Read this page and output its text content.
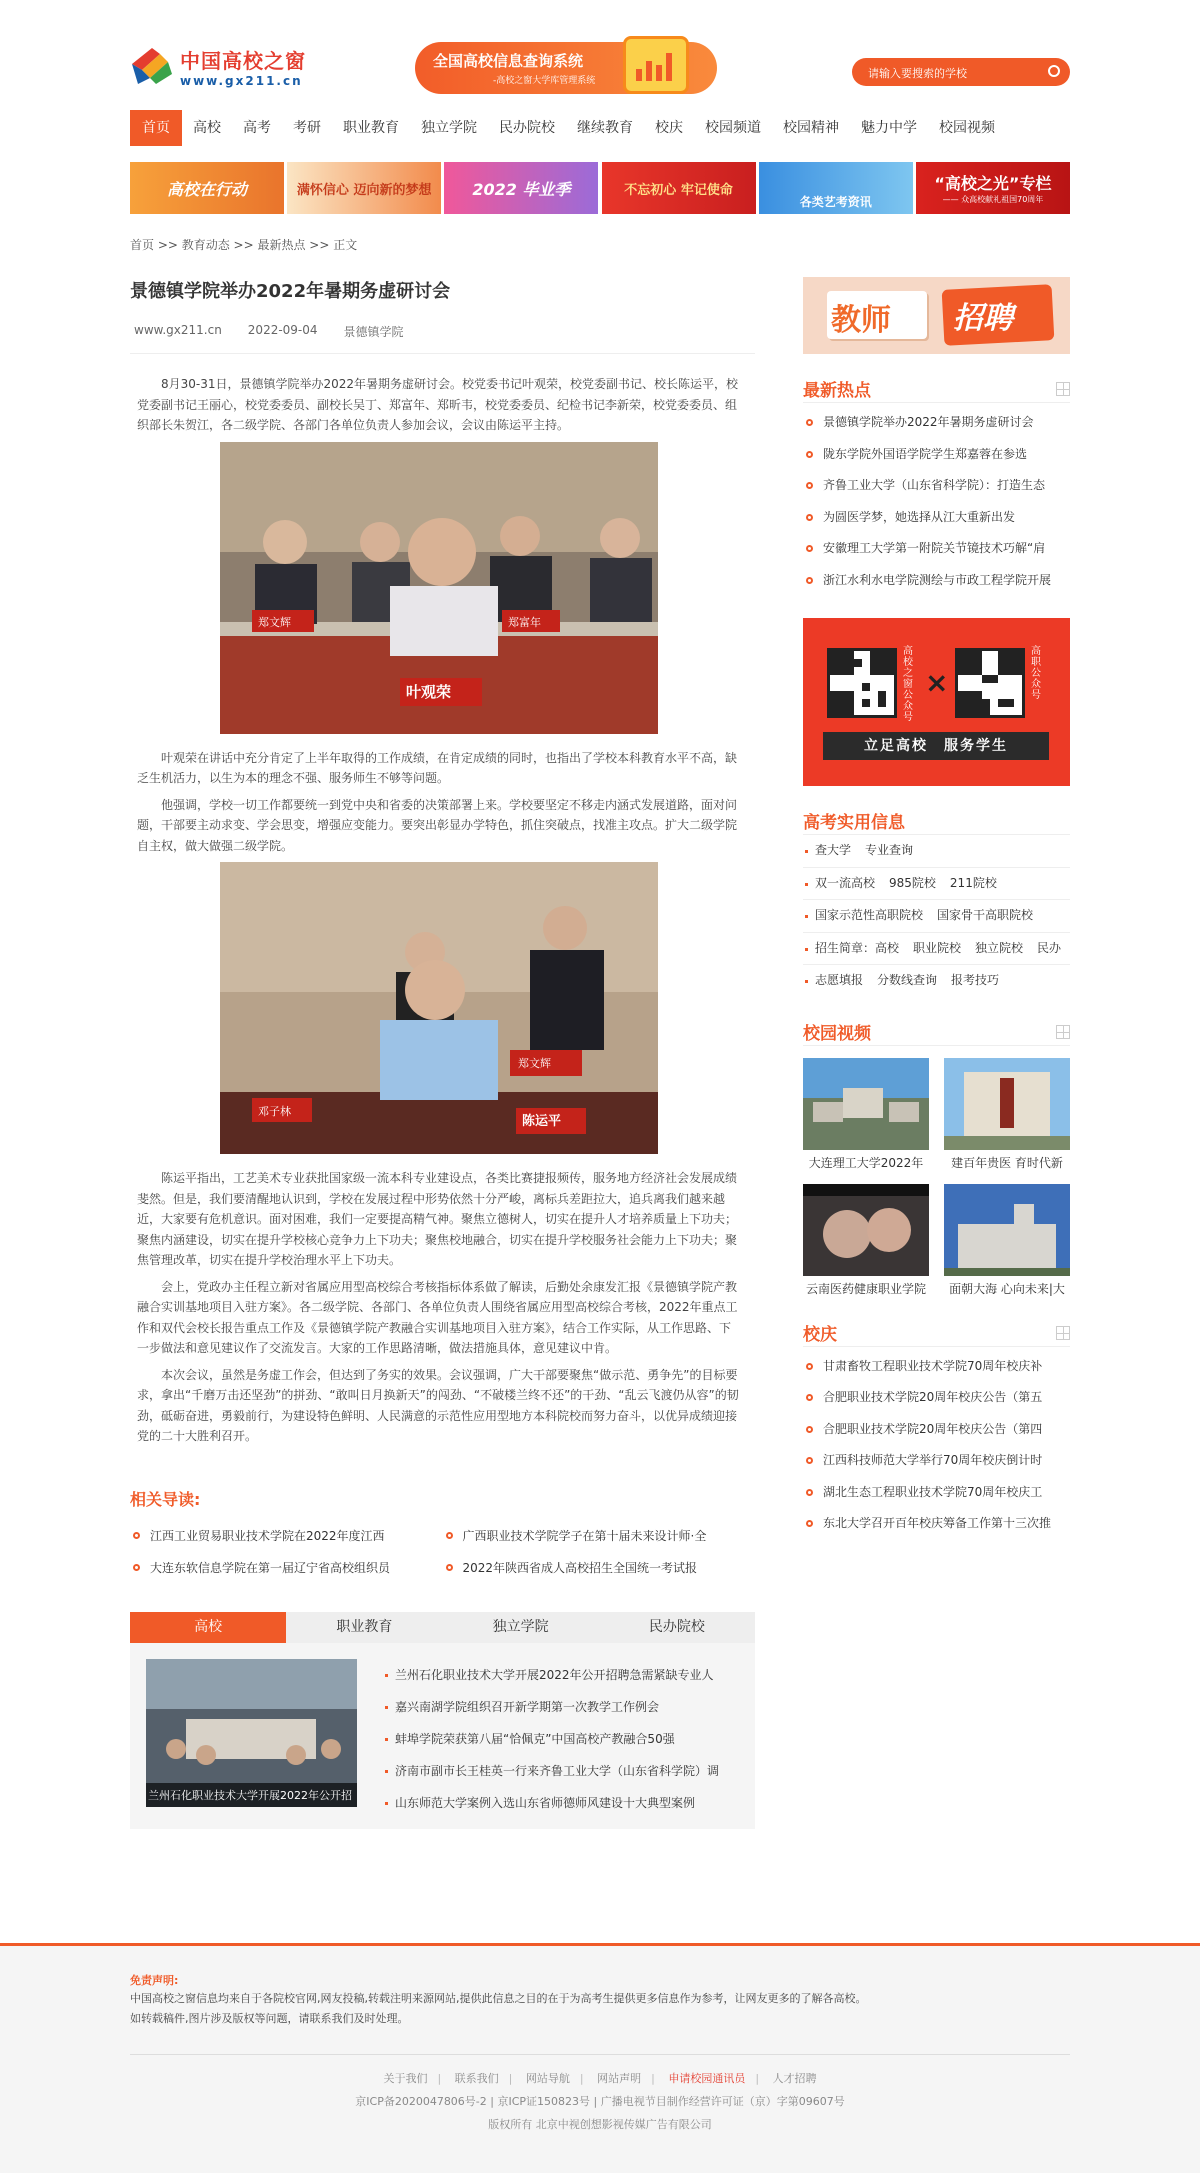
中国高校之窗
www.gx211.cn
全国高校信息查询系统
-高校之窗大学库管理系统
专业 · 高效
请输入要搜索的学校
首页	高校	高考	考研	职业教育	独立学院	民办院校	继续教育	校庆	校园频道	校园精神	魅力中学	校园视频
高校在行动	满怀信心 迈向新的梦想	2022 毕业季	不忘初心 牢记使命
各类艺考资讯
“高校之光”专栏
—— 众高校献礼祖国70周年
首页 >> 教育动态 >> 最新热点 >> 正文
景德镇学院举办2022年暑期务虚研讨会
www.gx211.cn 2022-09-04 景德镇学院

8月30-31日，景德镇学院举办2022年暑期务虚研讨会。校党委书记叶观荣，校党委副书记、校长陈运平，校党委副书记王丽心，校党委委员、副校长吴丁、郑富年、郑昕韦，校党委委员、纪检书记李新荣，校党委委员、组织部长朱贺江，各二级学院、各部门各单位负责人参加会议，会议由陈运平主持。

叶观荣
郑文辉	郑富年

叶观荣在讲话中充分肯定了上半年取得的工作成绩，在肯定成绩的同时，也指出了学校本科教育水平不高，缺乏生机活力，以生为本的理念不强、服务师生不够等问题。

他强调，学校一切工作都要统一到党中央和省委的决策部署上来。学校要坚定不移走内涵式发展道路，面对问题，干部要主动求变、学会思变，增强应变能力。要突出彰显办学特色，抓住突破点，找准主攻点。扩大二级学院自主权，做大做强二级学院。

陈运平
郑文辉
邓子林

陈运平指出，工艺美术专业获批国家级一流本科专业建设点，各类比赛捷报频传，服务地方经济社会发展成绩斐然。但是，我们要清醒地认识到，学校在发展过程中形势依然十分严峻，离标兵差距拉大，追兵离我们越来越近，大家要有危机意识。面对困难，我们一定要提高精气神。聚焦立德树人，切实在提升人才培养质量上下功夫；聚焦内涵建设，切实在提升学校核心竞争力上下功夫；聚焦校地融合，切实在提升学校服务社会能力上下功夫；聚焦管理改革，切实在提升学校治理水平上下功夫。

会上，党政办主任程立新对省属应用型高校综合考核指标体系做了解读，后勤处余康发汇报《景德镇学院产教融合实训基地项目入驻方案》。各二级学院、各部门、各单位负责人围绕省属应用型高校综合考核，2022年重点工作和双代会校长报告重点工作及《景德镇学院产教融合实训基地项目入驻方案》，结合工作实际，从工作思路、下一步做法和意见建议作了交流发言。大家的工作思路清晰，做法措施具体，意见建议中肯。

本次会议，虽然是务虚工作会，但达到了务实的效果。会议强调，广大干部要聚焦“做示范、勇争先”的目标要求，拿出“千磨万击还坚劲”的拼劲、“敢叫日月换新天”的闯劲、“不破楼兰终不还”的干劲、“乱云飞渡仍从容”的韧劲，砥砺奋进，勇毅前行，为建设特色鲜明、人民满意的示范性应用型地方本科院校而努力奋斗，以优异成绩迎接党的二十大胜利召开。

相关导读:
江西工业贸易职业技术学院在2022年度江西	广西职业技术学院学子在第十届未来设计师·全
大连东软信息学院在第一届辽宁省高校组织员	2022年陕西省成人高校招生全国统一考试报
高校	职业教育	独立学院	民办院校
兰州石化职业技术大学开展2022年公开招
兰州石化职业技术大学开展2022年公开招聘急需紧缺专业人
嘉兴南湖学院组织召开新学期第一次教学工作例会
蚌埠学院荣获第八届“恰佩克”中国高校产教融合50强
济南市副市长王桂英一行来齐鲁工业大学（山东省科学院）调
山东师范大学案例入选山东省师德师风建设十大典型案例
教师 招聘
最新热点
景德镇学院举办2022年暑期务虚研讨会
陇东学院外国语学院学生郑嘉蓉在参选
齐鲁工业大学（山东省科学院）：打造生态
为圆医学梦，她选择从江大重新出发
安徽理工大学第一附院关节镜技术巧解“肩
浙江水利水电学院测绘与市政工程学院开展
高校之窗公众号
×
高职公众号
立足高校　服务学生
高考实用信息
查大学 专业查询
双一流高校 985院校 211院校
国家示范性高职院校 国家骨干高职院校
招生简章：高校 职业院校 独立院校 民办
志愿填报 分数线查询 报考技巧
校园视频
大连理工大学2022年	建百年贵医 育时代新
云南医药健康职业学院	面朝大海 心向未来|大
校庆
甘肃畜牧工程职业技术学院70周年校庆补
合肥职业技术学院20周年校庆公告（第五
合肥职业技术学院20周年校庆公告（第四
江西科技师范大学举行70周年校庆倒计时
湖北生态工程职业技术学院70周年校庆工
东北大学召开百年校庆筹备工作第十三次推
免责声明:
中国高校之窗信息均来自于各院校官网,网友投稿,转载注明来源网站,提供此信息之目的在于为高考生提供更多信息作为参考，让网友更多的了解各高校。
如转载稿件,图片涉及版权等问题，请联系我们及时处理。
关于我们 | 联系我们 | 网站导航 | 网站声明 | 申请校园通讯员 | 人才招聘
京ICP备2020047806号-2 | 京ICP证150823号 | 广播电视节目制作经营许可证（京）字第09607号
版权所有 北京中视创想影视传媒广告有限公司
